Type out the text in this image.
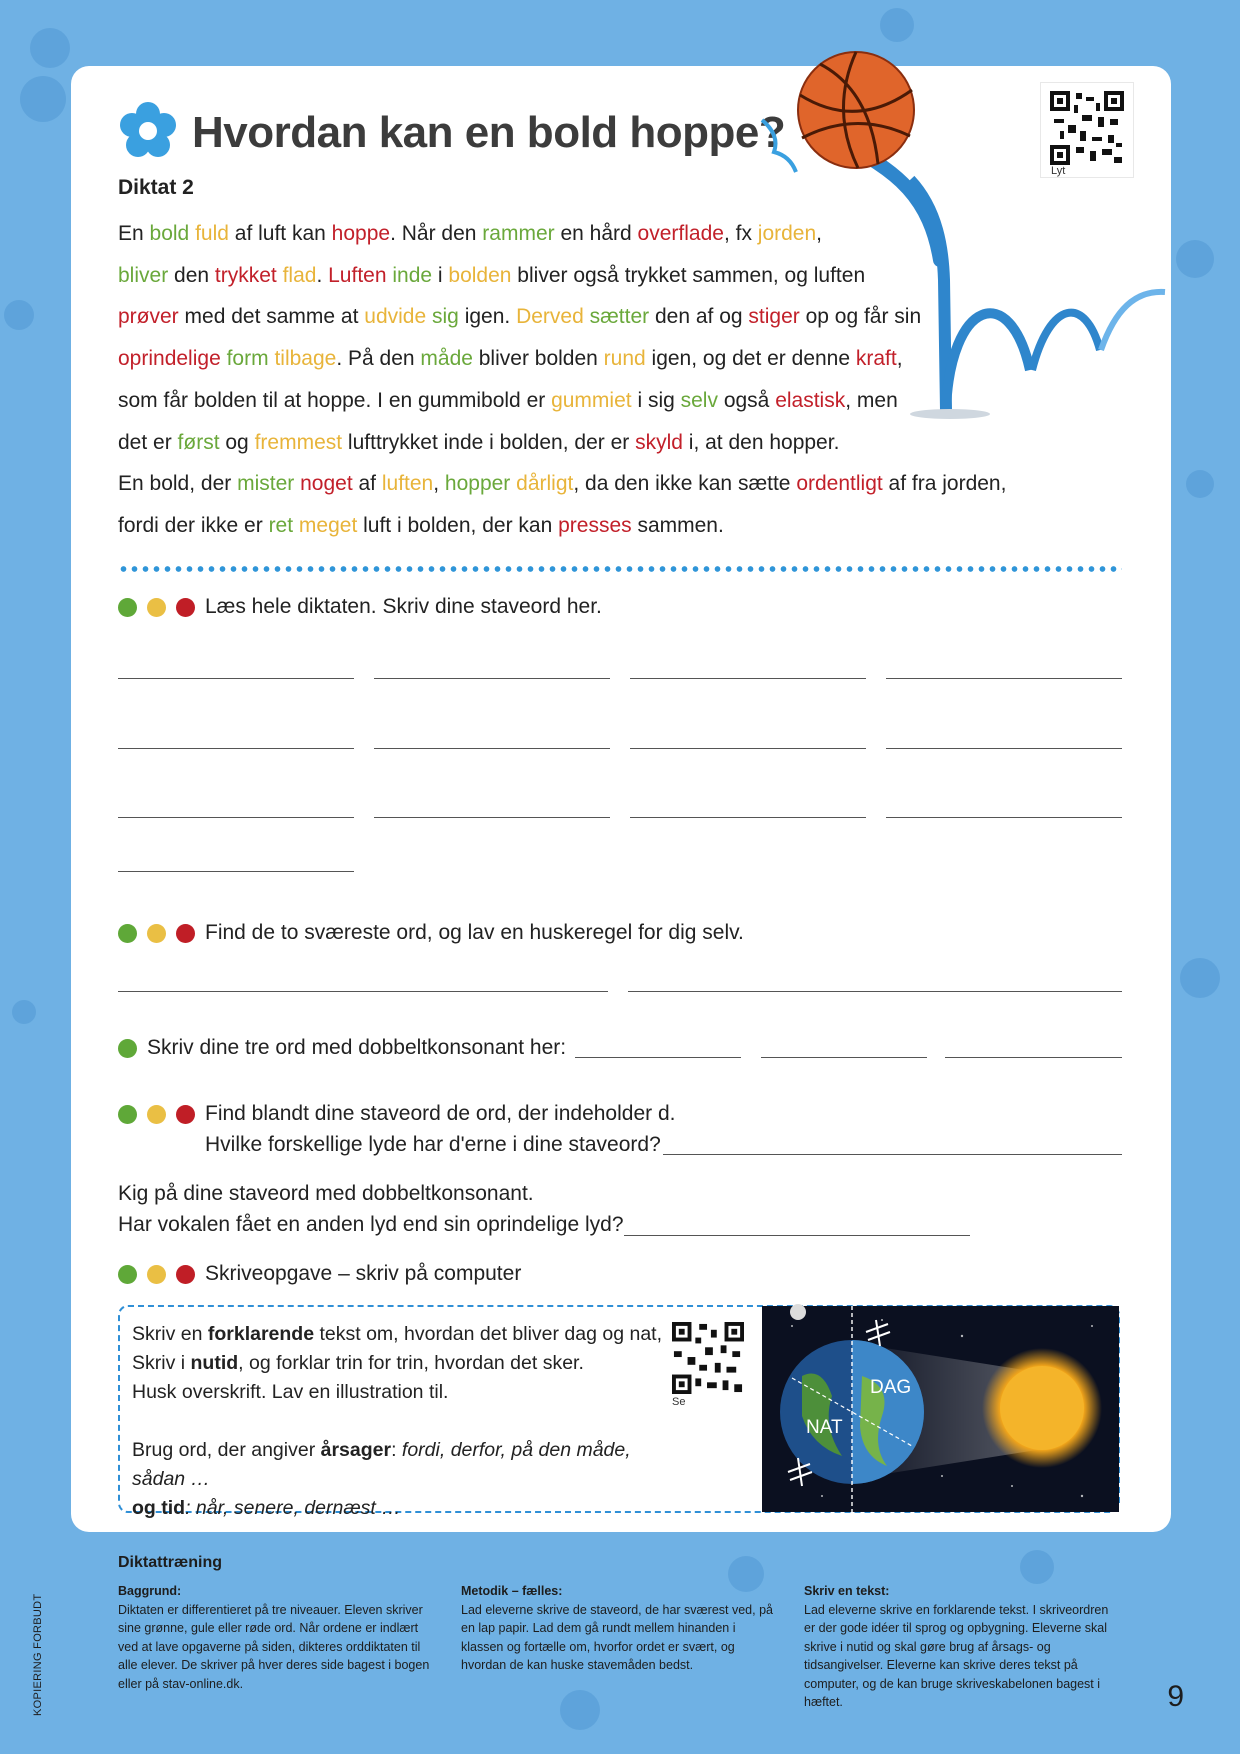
Hvordan kan en bold hoppe?
Diktat 2
Lyt
En bold fuld af luft kan hoppe. Når den rammer en hård overflade, fx jorden,
bliver den trykket flad. Luften inde i bolden bliver også trykket sammen, og luften
prøver med det samme at udvide sig igen. Derved sætter den af og stiger op og får sin
oprindelige form tilbage. På den måde bliver bolden rund igen, og det er denne kraft,
som får bolden til at hoppe. I en gummibold er gummiet i sig selv også elastisk, men
det er først og fremmest lufttrykket inde i bolden, der er skyld i, at den hopper.
En bold, der mister noget af luften, hopper dårligt, da den ikke kan sætte ordentligt af fra jorden,
fordi der ikke er ret meget luft i bolden, der kan presses sammen.
Læs hele diktaten. Skriv dine staveord her.
Find de to sværeste ord, og lav en huskeregel for dig selv.
Skriv dine tre ord med dobbeltkonsonant her:
Find blandt dine staveord de ord, der indeholder d.
Hvilke forskellige lyde har d'erne i dine staveord?
Kig på dine staveord med dobbeltkonsonant.
Har vokalen fået en anden lyd end sin oprindelige lyd?
Skriveopgave – skriv på computer
Skriv en forklarende tekst om, hvordan det bliver dag og nat,
Skriv i nutid, og forklar trin for trin, hvordan det sker.
Husk overskrift. Lav en illustration til.
Brug ord, der angiver årsager: fordi, derfor, på den måde, sådan …
og tid: når, senere, dernæst …
Se
DAG
NAT
Diktattræning
Baggrund:
Diktaten er differentieret på tre niveauer. Eleven skriver sine grønne, gule eller røde ord. Når ordene er indlært ved at lave opgaverne på siden, dikteres orddiktaten til alle elever. De skriver på hver deres side bagest i bogen eller på stav-online.dk.
Metodik – fælles:
Lad eleverne skrive de staveord, de har sværest ved, på en lap papir. Lad dem gå rundt mellem hinanden i klassen og fortælle om, hvorfor ordet er svært, og hvordan de kan huske stavemåden bedst.
Skriv en tekst:
Lad eleverne skrive en forklarende tekst. I skriveordren er der gode idéer til sprog og opbygning. Eleverne skal skrive i nutid og skal gøre brug af årsags- og tidsangivelser. Eleverne kan skrive deres tekst på computer, og de kan bruge skriveskabelonen bagest i hæftet.	9
KOPIERING FORBUDT
